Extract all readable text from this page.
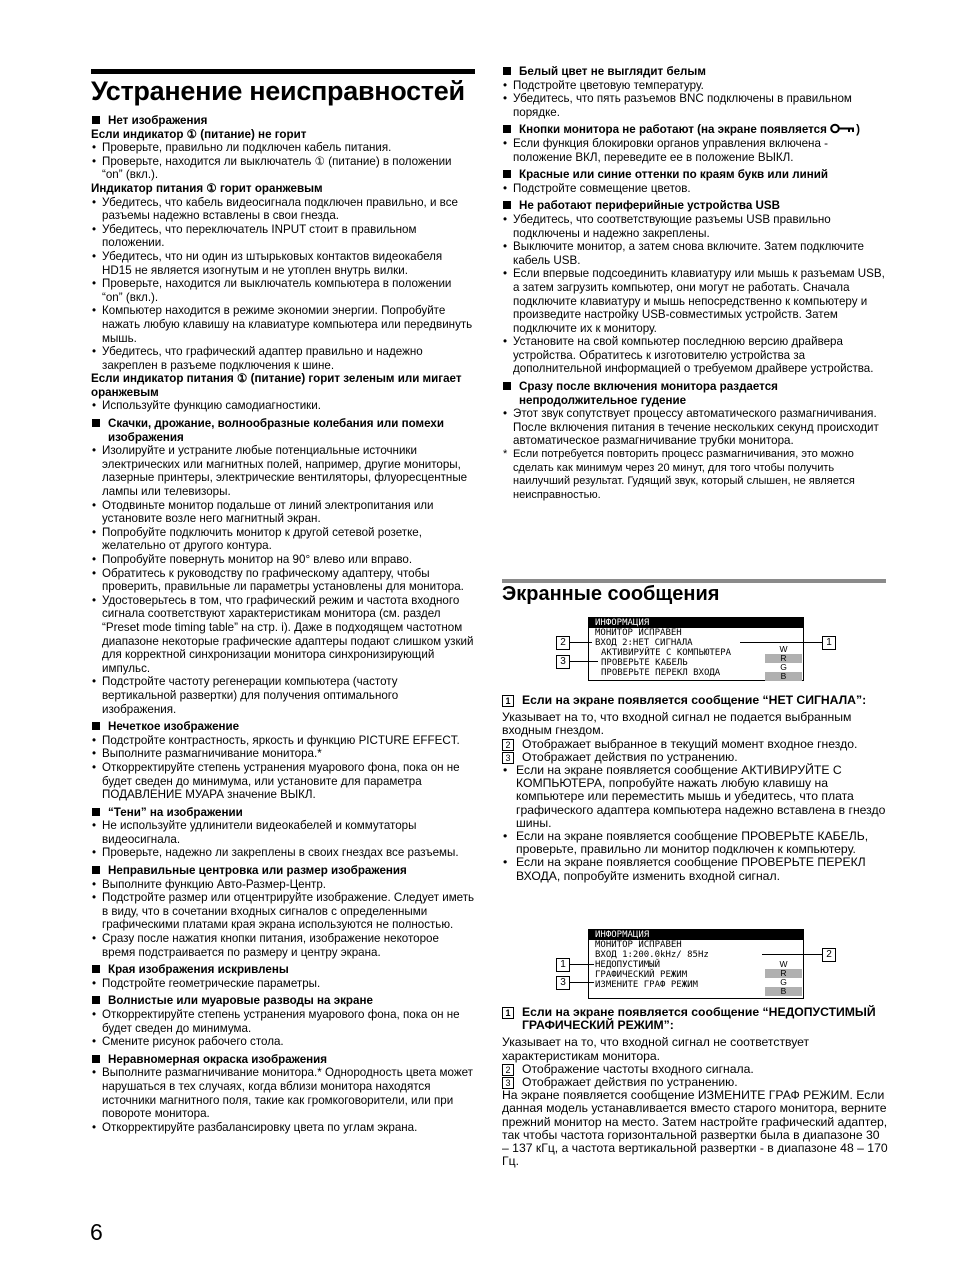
Устранение неисправностей
Нет изображения
Если индикатор ① (питание) не горит
• Проверьте, правильно ли подключен кабель питания.
• Проверьте, находится ли выключатель ① (питание) в положении “on” (вкл.).
Индикатор питания ① горит оранжевым
• Убедитесь, что кабель видеосигнала подключен правильно, и все разъемы надежно вставлены в свои гнезда.
• Убедитесь, что переключатель INPUT стоит в правильном положении.
• Убедитесь, что ни один из штырьковых контактов видеокабеля HD15 не является изогнутым и не утоплен внутрь вилки.
• Проверьте, находится ли выключатель компьютера в положении “on” (вкл.).
• Компьютер находится в режиме экономии энергии. Попробуйте нажать любую клавишу на клавиатуре компьютера или передвинуть мышь.
• Убедитесь, что графический адаптер правильно и надежно закреплен в разъеме подключения к шине.
Если индикатор питания ① (питание) горит зеленым или мигает оранжевым
• Используйте функцию самодиагностики.
Скачки, дрожание, волнообразные колебания или помехи изображения
• Изолируйте и устраните любые потенциальные источники электрических или магнитных полей, например, другие мониторы, лазерные принтеры, электрические вентиляторы, флуоресцентные лампы или телевизоры.
• Отодвиньте монитор подальше от линий электропитания или установите возле него магнитный экран.
• Попробуйте подключить монитор к другой сетевой розетке, желательно от другого контура.
• Попробуйте повернуть монитор на 90° влево или вправо.
• Обратитесь к руководству по графическому адаптеру, чтобы проверить, правильные ли параметры установлены для монитора.
• Удостоверьтесь в том, что графический режим и частота входного сигнала соответствуют характеристикам монитора (см. раздел “Preset mode timing table” на стр. i). Даже в подходящем частотном диапазоне некоторые графические адаптеры подают слишком узкий для корректной синхронизации монитора синхронизирующий импульс.
• Подстройте частоту регенерации компьютера (частоту вертикальной развертки) для получения оптимального изображения.
Нечеткое изображение
• Подстройте контрастность, яркость и функцию PICTURE EFFECT.
• Выполните размагничивание монитора.*
• Откорректируйте степень устранения муарового фона, пока он не будет сведен до минимума, или установите для параметра ПОДАВЛЕНИЕ МУАРА значение ВЫКЛ.
“Тени” на изображении
• Не используйте удлинители видеокабелей и коммутаторы видеосигнала.
• Проверьте, надежно ли закреплены в своих гнездах все разъемы.
Неправильные центровка или размер изображения
• Выполните функцию Авто-Размер-Центр.
• Подстройте размер или отцентрируйте изображение. Следует иметь в виду, что в сочетании входных сигналов с определенными графическими платами края экрана используются не полностью.
• Сразу после нажатия кнопки питания, изображение некоторое время подстраивается по размеру и центру экрана.
Края изображения искривлены
• Подстройте геометрические параметры.
Волнистые или муаровые разводы на экране
• Откорректируйте степень устранения муарового фона, пока он не будет сведен до минимума.
• Смените рисунок рабочего стола.
Неравномерная окраска изображения
• Выполните размагничивание монитора.* Однородность цвета может нарушаться в тех случаях, когда вблизи монитора находятся источники магнитного поля, такие как громкоговорители, или при повороте монитора.
• Откорректируйте разбалансировку цвета по углам экрана.
Белый цвет не выглядит белым
• Подстройте цветовую температуру.
• Убедитесь, что пять разъемов BNC подключены в правильном порядке.
Кнопки монитора не работают (на экране появляется	)
• Если функция блокировки органов управления включена - положение ВКЛ, переведите ее в положение ВЫКЛ.
Красные или синие оттенки по краям букв или линий
• Подстройте совмещение цветов.
Не работают периферийные устройства USB
• Убедитесь, что соответствующие разъемы USB правильно подключены и надежно закреплены.
• Выключите монитор, а затем снова включите. Затем подключите кабель USB.
• Если впервые подсоединить клавиатуру или мышь к разъемам USB, а затем загрузить компьютер, они могут не работать. Сначала подключите клавиатуру и мышь непосредственно к компьютеру и произведите настройку USB-совместимых устройств. Затем подключите их к монитору.
• Установите на свой компьютер последнюю версию драйвера устройства. Обратитесь к изготовителю устройства за дополнительной информацией о требуемом драйвере устройства.
Сразу после включения монитора раздается непродолжительное гудение
• Этот звук сопутствует процессу автоматического размагничивания. После включения питания в течение нескольких секунд происходит автоматическое размагничивание трубки монитора.
* Если потребуется повторить процесс размагничивания, это можно сделать как минимум через 20 минут, для того чтобы получить наилучший результат. Гудящий звук, который слышен, не является неисправностью.
Экранные сообщения
ИНФОРМАЦИЯ
МОНИТОР ИСПРАВЕН
ВХОД 2:НЕТ СИГНАЛА
АКТИВИРУЙТЕ С КОМПЬЮТЕРА
ПРОВЕРЬТЕ КАБЕЛЬ
ПРОВЕРЬТЕ ПЕРЕКЛ ВХОДА
W
R
G
B
2
3
1
1 Если на экране появляется сообщение “НЕТ СИГНАЛА”:
Указывает на то, что входной сигнал не подается выбранным входным гнездом.
2 Отображает выбранное в текущий момент входное гнездо.
3 Отображает действия по устранению.
• Если на экране появляется сообщение АКТИВИРУЙТЕ С КОМПЬЮТЕРА, попробуйте нажать любую клавишу на компьютере или переместить мышь и убедитесь, что плата графического адаптера компьютера надежно вставлена в гнездо шины.
• Если на экране появляется сообщение ПРОВЕРЬТЕ КАБЕЛЬ, проверьте, правильно ли монитор подключен к компьютеру.
• Если на экране появляется сообщение ПРОВЕРЬТЕ ПЕРЕКЛ ВХОДА, попробуйте изменить входной сигнал.
ИНФОРМАЦИЯ
МОНИТОР ИСПРАВЕН
ВХОД 1:200.0kHz/ 85Hz
НЕДОПУСТИМЫЙ
ГРАФИЧЕСКИЙ РЕЖИМ
ИЗМЕНИТЕ ГРАФ РЕЖИМ
W
R
G
B
2
1
3
1 Если на экране появляется сообщение “НЕДОПУСТИМЫЙ ГРАФИЧЕСКИЙ РЕЖИМ”:
Указывает на то, что входной сигнал не соответствует характеристикам монитора.
2 Отображение частоты входного сигнала.
3 Отображает действия по устранению.
На экране появляется сообщение ИЗМЕНИТЕ ГРАФ РЕЖИМ. Если данная модель устанавливается вместо старого монитора, верните прежний монитор на место. Затем настройте графический адаптер, так чтобы частота горизонтальной развертки была в диапазоне 30 – 137 кГц, а частота вертикальной развертки - в диапазоне 48 – 170 Гц.
6
